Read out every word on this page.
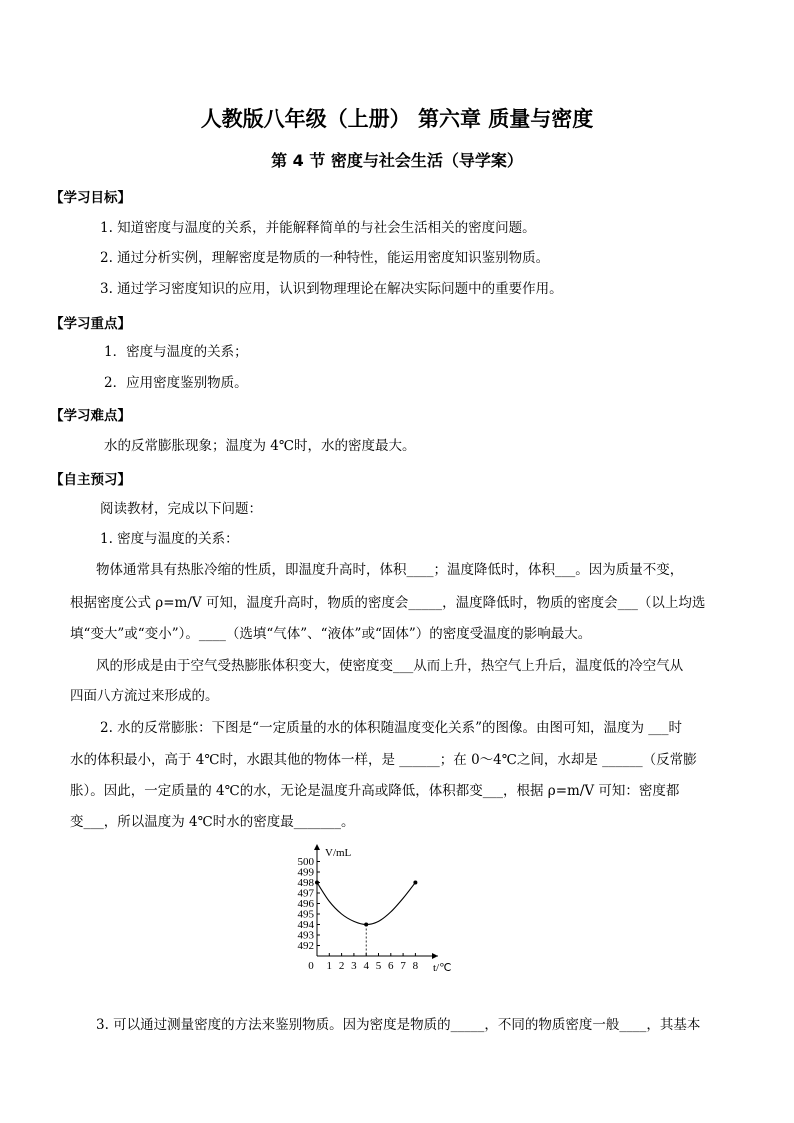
人教版八年级（上册） 第六章 质量与密度
第 4 节 密度与社会生活（导学案）
【学习目标】
1. 知道密度与温度的关系，并能解释简单的与社会生活相关的密度问题。
2. 通过分析实例，理解密度是物质的一种特性，能运用密度知识鉴别物质。
3. 通过学习密度知识的应用，认识到物理理论在解决实际问题中的重要作用。
【学习重点】
1．密度与温度的关系；
2．应用密度鉴别物质。
【学习难点】
水的反常膨胀现象；温度为 4℃时，水的密度最大。
【自主预习】
阅读教材，完成以下问题：
1. 密度与温度的关系：
物体通常具有热胀冷缩的性质，即温度升高时，体积____；温度降低时，体积___。因为质量不变，
根据密度公式 ρ=m/V 可知，温度升高时，物质的密度会_____，温度降低时，物质的密度会___（以上均选
填“变大”或“变小”）。____（选填“气体”、“液体”或“固体”）的密度受温度的影响最大。
风的形成是由于空气受热膨胀体积变大，使密度变___从而上升，热空气上升后，温度低的冷空气从
四面八方流过来形成的。
2. 水的反常膨胀：下图是“一定质量的水的体积随温度变化关系”的图像。由图可知，温度为 ___时
水的体积最小，高于 4℃时，水跟其他的物体一样，是 ______；在 0～4℃之间，水却是 ______（反常膨
胀）。因此，一定质量的 4℃的水，无论是温度升高或降低，体积都变___，根据 ρ=m/V 可知：密度都
变___，所以温度为 4℃时水的密度最_______。
492
493
494
495
496
497
498
499
500
0 1 2 3 4 5 6 7 8
V/mL
t/℃
3. 可以通过测量密度的方法来鉴别物质。因为密度是物质的_____，不同的物质密度一般____，其基本
